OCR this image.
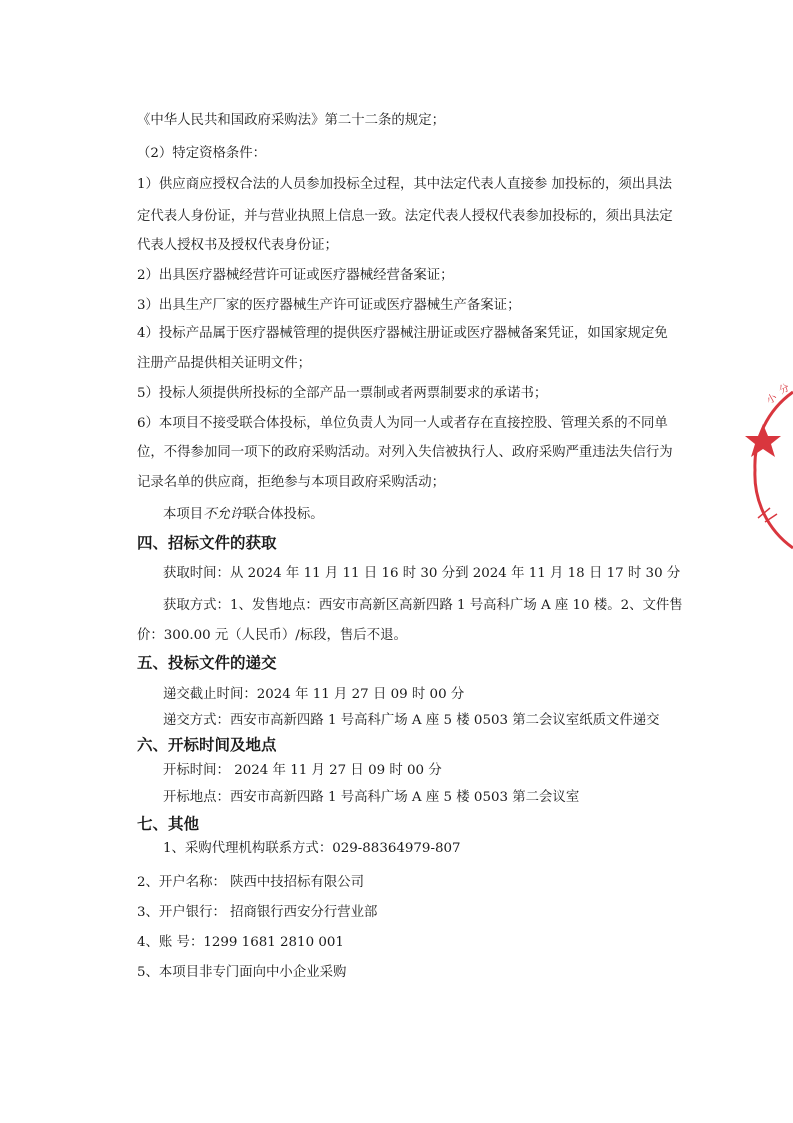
《中华人民共和国政府采购法》第二十二条的规定；
（2）特定资格条件：
1）供应商应授权合法的人员参加投标全过程，其中法定代表人直接参 加投标的，须出具法
定代表人身份证，并与营业执照上信息一致。法定代表人授权代表参加投标的，须出具法定
代表人授权书及授权代表身份证；
2）出具医疗器械经营许可证或医疗器械经营备案证；
3）出具生产厂家的医疗器械生产许可证或医疗器械生产备案证；
4）投标产品属于医疗器械管理的提供医疗器械注册证或医疗器械备案凭证，如国家规定免
注册产品提供相关证明文件；
5）投标人须提供所投标的全部产品一票制或者两票制要求的承诺书；
6）本项目不接受联合体投标，单位负责人为同一人或者存在直接控股、管理关系的不同单
位，不得参加同一项下的政府采购活动。对列入失信被执行人、政府采购严重违法失信行为
记录名单的供应商，拒绝参与本项目政府采购活动；
本项目不允许联合体投标。
四、招标文件的获取
获取时间：从 2024 年 11 月 11 日 16 时 30 分到 2024 年 11 月 18 日 17 时 30 分
获取方式：1、发售地点：西安市高新区高新四路 1 号高科广场 A 座 10 楼。2、文件售
价：300.00 元（人民币）/标段，售后不退。
五、投标文件的递交
递交截止时间：2024 年 11 月 27 日 09 时 00 分
递交方式：西安市高新四路 1 号高科广场 A 座 5 楼 0503 第二会议室纸质文件递交
六、开标时间及地点
开标时间： 2024 年 11 月 27 日 09 时 00 分
开标地点：西安市高新四路 1 号高科广场 A 座 5 楼 0503 第二会议室
七、其他
1、采购代理机构联系方式：029-88364979-807
2、开户名称： 陕西中技招标有限公司
3、开户银行： 招商银行西安分行营业部
4、账 号：1299 1681 2810 001
5、本项目非专门面向中小企业采购
小
分
